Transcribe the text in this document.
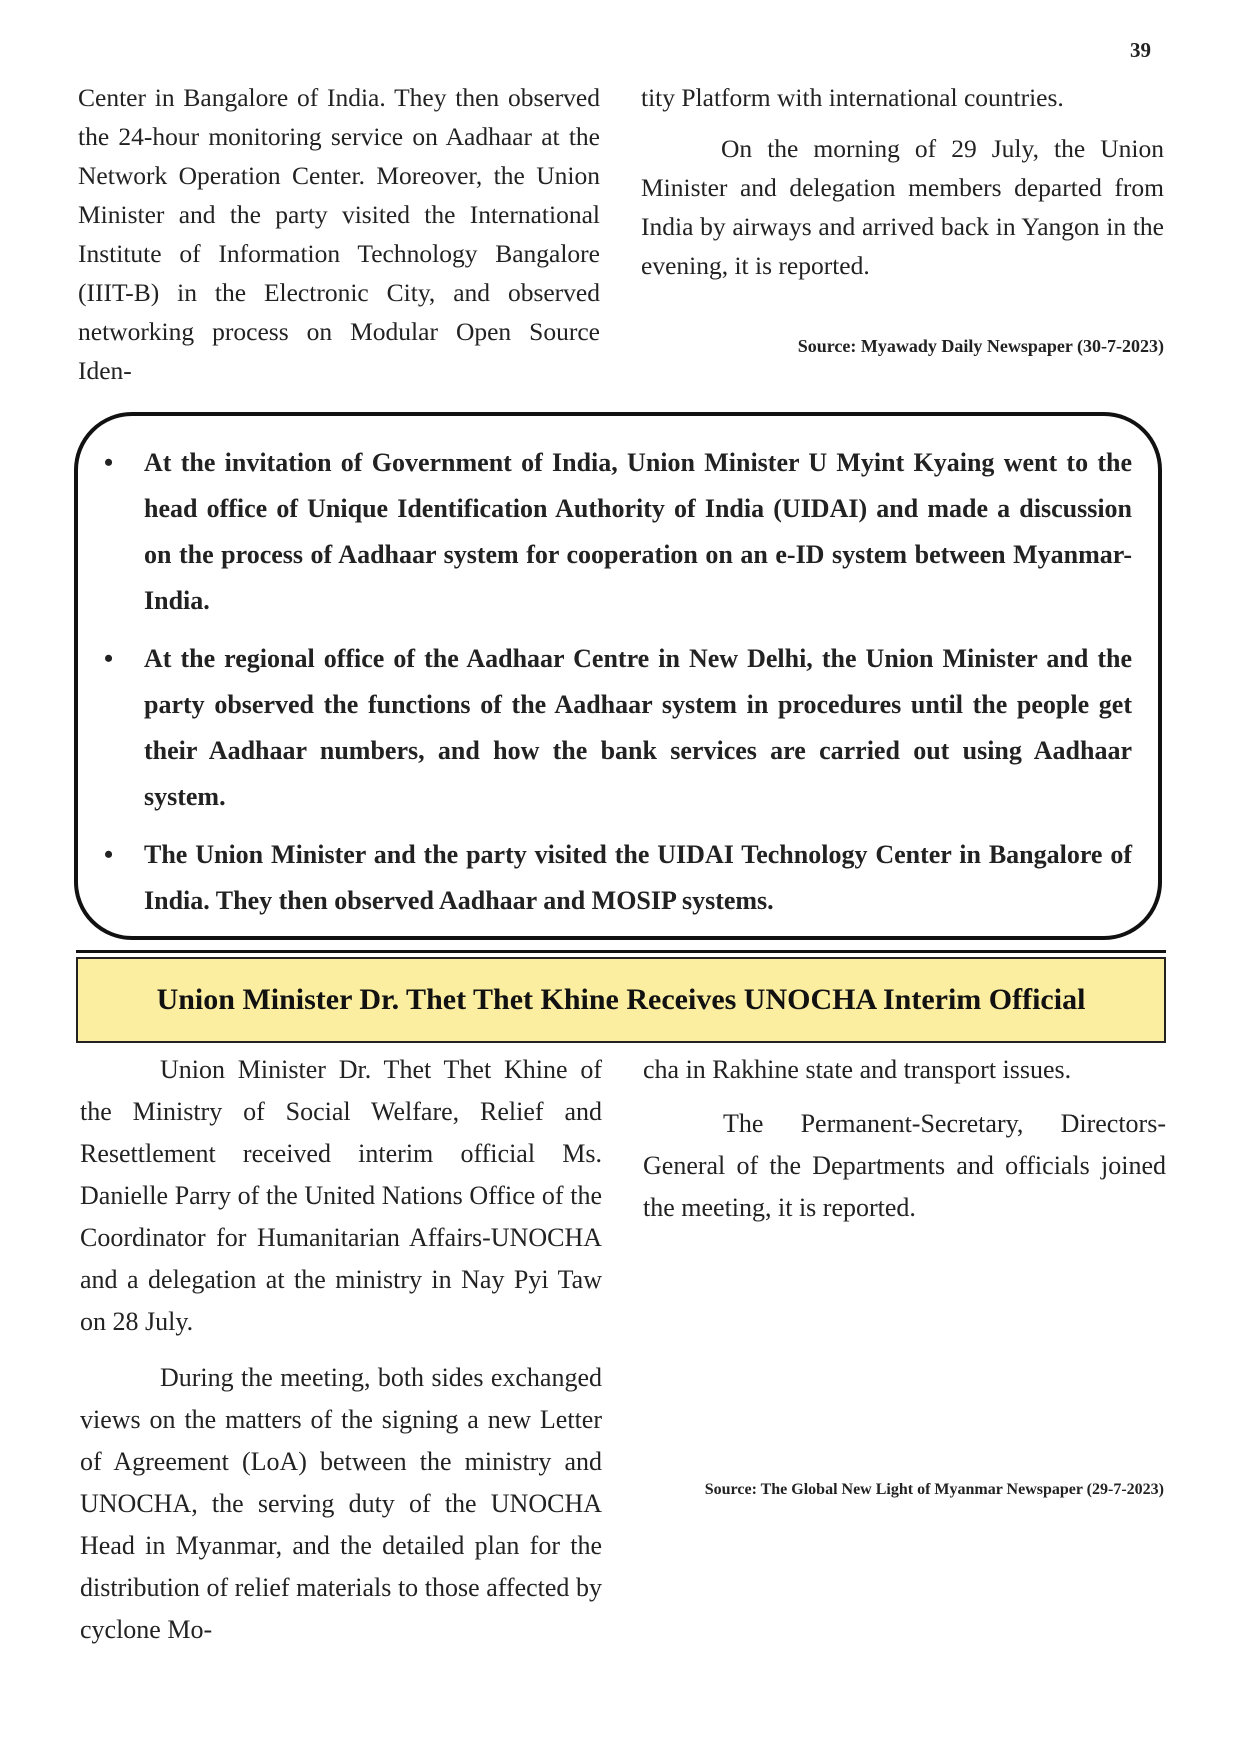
39

Center in Bangalore of India. They then observed the 24-hour monitoring service on Aadhaar at the Network Operation Center. Moreover, the Union Minister and the party visited the International Institute of Information Technology Bangalore (IIIT-B) in the Electronic City, and observed networking process on Modular Open Source Iden-

tity Platform with international countries.

On the morning of 29 July, the Union Minister and delegation members departed from India by airways and arrived back in Yangon in the evening, it is reported.

Source: Myawady Daily Newspaper (30-7-2023)
• At the invitation of Government of India, Union Minister U Myint Kyaing went to the head office of Unique Identification Authority of India (UIDAI) and made a discussion on the process of Aadhaar system for cooperation on an e-ID system between Myanmar-India.
• At the regional office of the Aadhaar Centre in New Delhi, the Union Minister and the party observed the functions of the Aadhaar system in procedures until the people get their Aadhaar numbers, and how the bank services are carried out using Aadhaar system.
• The Union Minister and the party visited the UIDAI Technology Center in Bangalore of India. They then observed Aadhaar and MOSIP systems.
Union Minister Dr. Thet Thet Khine Receives UNOCHA Interim Official

Union Minister Dr. Thet Thet Khine of the Ministry of Social Welfare, Relief and Resettlement received interim official Ms. Danielle Parry of the United Nations Office of the Coordinator for Humanitarian Affairs-UNOCHA and a delegation at the ministry in Nay Pyi Taw on 28 July.

During the meeting, both sides exchanged views on the matters of the signing a new Letter of Agreement (LoA) between the ministry and UNOCHA, the serving duty of the UNOCHA Head in Myanmar, and the detailed plan for the distribution of relief materials to those affected by cyclone Mo-

cha in Rakhine state and transport issues.

The Permanent-Secretary, Directors-General of the Departments and officials joined the meeting, it is reported.

Source: The Global New Light of Myanmar Newspaper (29-7-2023)
